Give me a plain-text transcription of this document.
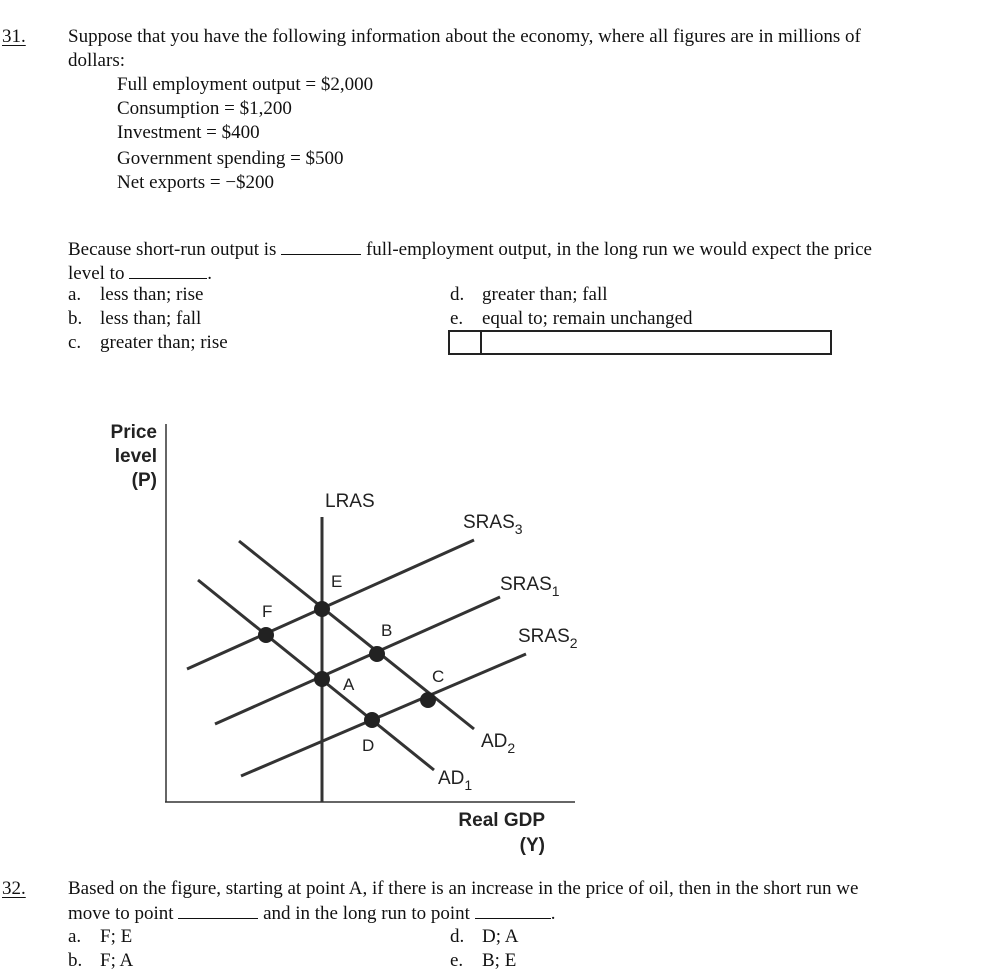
31. Suppose that you have the following information about the economy, where all figures are in millions of
dollars:
Full employment output = $2,000
Consumption = $1,200
Investment = $400
Government spending = $500
Net exports = −$200
Because short-run output is	full-employment output, in the long run we would expect the price
level to	.
a. less than; rise
b. less than; fall
c. greater than; rise
d. greater than; fall
e. equal to; remain unchanged
Price
level
(P)
Real GDP
(Y)
LRAS
$SRAS_3$
$SRAS_1$
$SRAS_2$
$AD_2$
$AD_1$
E
F
A
B
C
D
32. Based on the figure, starting at point A, if there is an increase in the price of oil, then in the short run we
move to point	and in the long run to point	.
a. F; E
b. F; A
d. D; A
e. B; E
